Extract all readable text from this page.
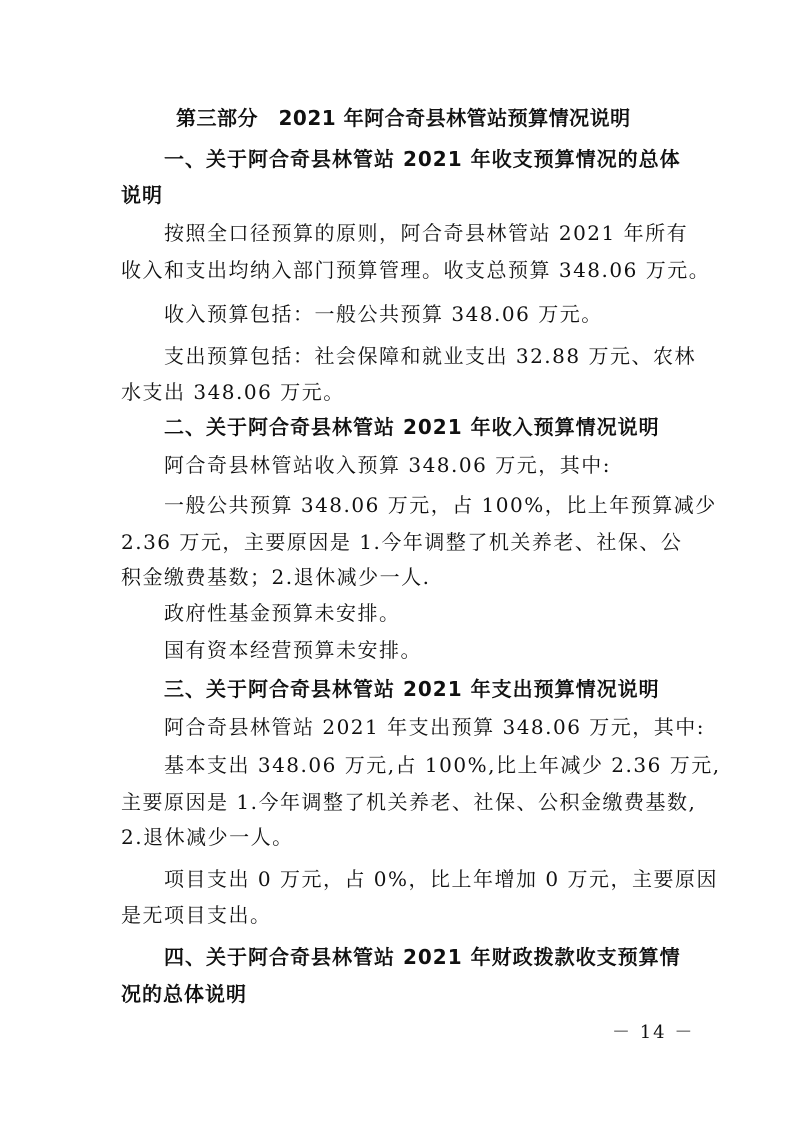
第三部分　2021 年阿合奇县林管站预算情况说明
一、关于阿合奇县林管站 2021 年收支预算情况的总体
说明
按照全口径预算的原则，阿合奇县林管站 2021 年所有
收入和支出均纳入部门预算管理。收支总预算 348.06 万元。
收入预算包括：一般公共预算 348.06 万元。
支出预算包括：社会保障和就业支出 32.88 万元、农林
水支出 348.06 万元。
二、关于阿合奇县林管站 2021 年收入预算情况说明
阿合奇县林管站收入预算 348.06 万元，其中:
一般公共预算 348.06 万元，占 100%，比上年预算减少
2.36 万元，主要原因是 1.今年调整了机关养老、社保、公
积金缴费基数；2.退休减少一人.
政府性基金预算未安排。
国有资本经营预算未安排。
三、关于阿合奇县林管站 2021 年支出预算情况说明
阿合奇县林管站 2021 年支出预算 348.06 万元，其中:
基本支出 348.06 万元,占 100%,比上年减少 2.36 万元,
主要原因是 1.今年调整了机关养老、社保、公积金缴费基数,
2.退休减少一人。
项目支出 0 万元，占 0%，比上年增加 0 万元，主要原因
是无项目支出。
四、关于阿合奇县林管站 2021 年财政拨款收支预算情
况的总体说明
－ 14 －
